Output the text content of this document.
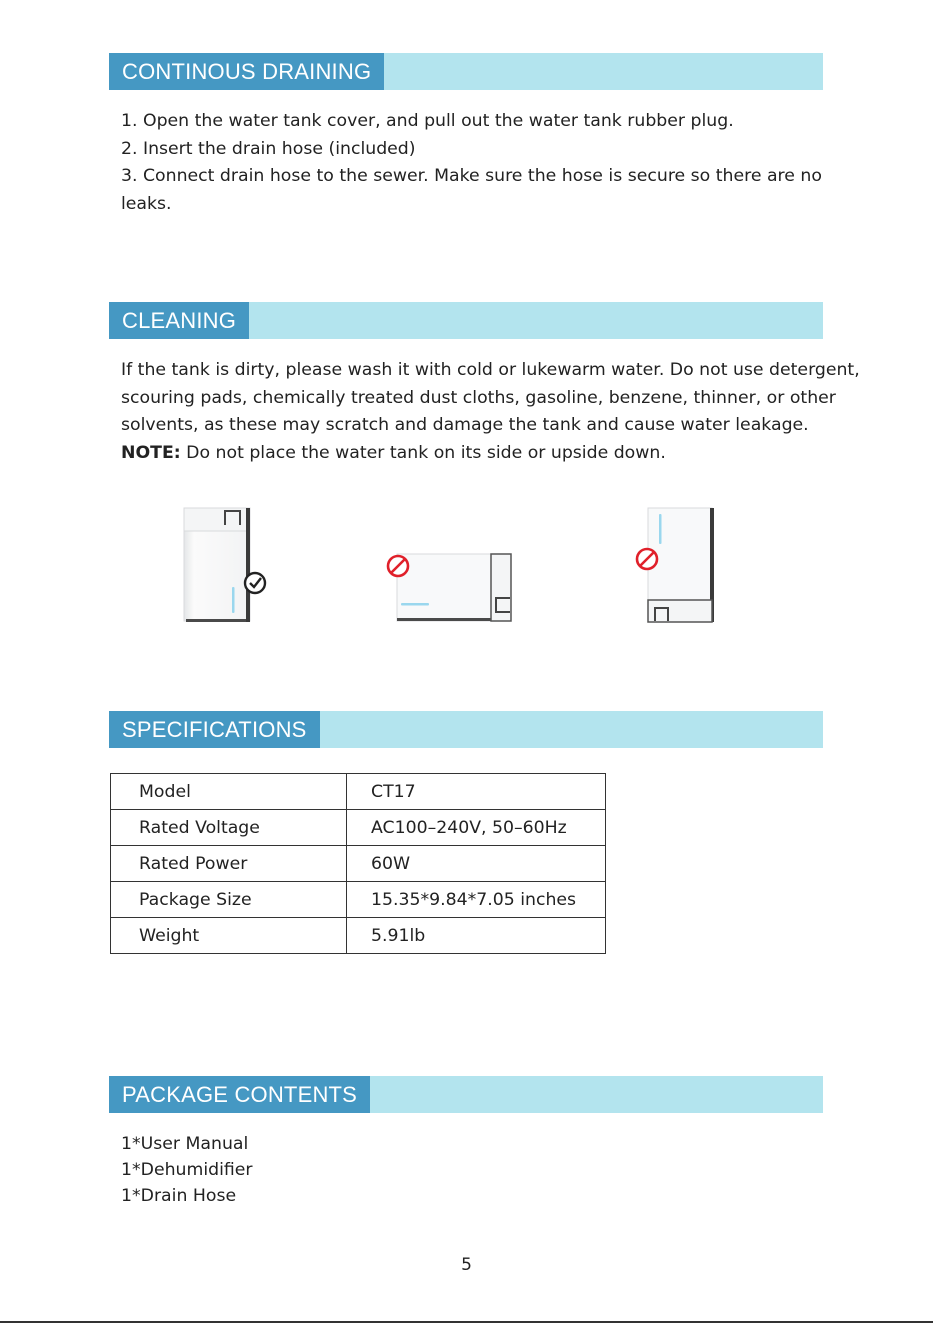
CONTINOUS DRAINING

1. Open the water tank cover, and pull out the water tank rubber plug.

2. Insert the drain hose (included)

3. Connect drain hose to the sewer. Make sure the hose is secure so there are no leaks.

CLEANING

If the tank is dirty, please wash it with cold or lukewarm water. Do not use detergent, scouring pads, chemically treated dust cloths, gasoline, benzene, thinner, or other solvents, as these may scratch and damage the tank and cause water leakage.

NOTE: Do not place the water tank on its side or upside down.

SPECIFICATIONS
Model	CT17
Rated Voltage	AC100–240V, 50–60Hz
Rated Power	60W
Package Size	15.35*9.84*7.05 inches
Weight	5.91lb
PACKAGE CONTENTS
1*User Manual
1*Dehumidifier
1*Drain Hose
5
